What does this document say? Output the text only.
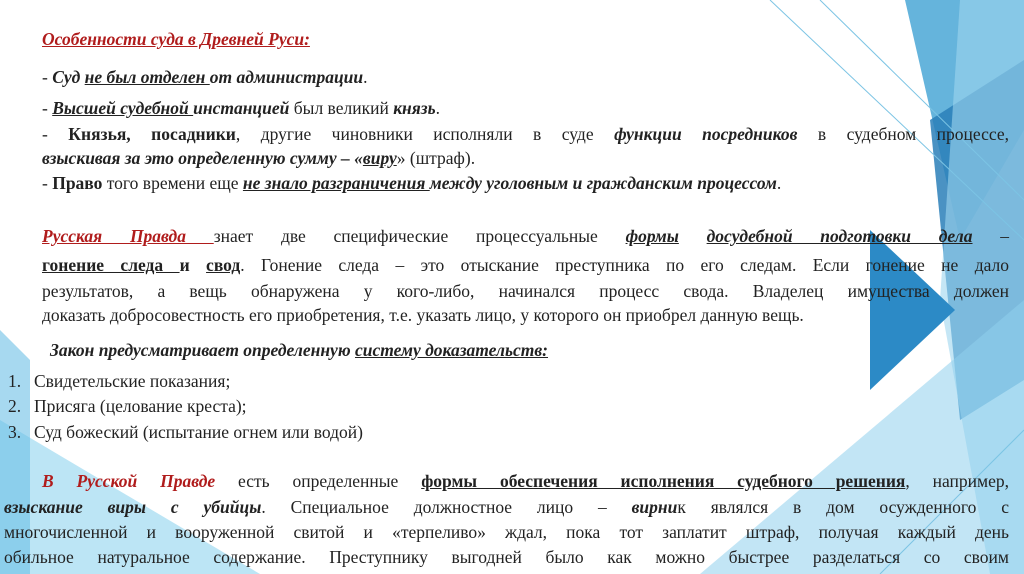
Особенности суда в Древней Руси:
- Суд не был отделен от администрации.
- Высшей судебной инстанцией был великий князь.
- Князья, посадники, другие чиновники исполняли в суде функции посредников в судебном процессе,
взыскивая за это определенную сумму – «виру» (штраф).
- Право того времени еще не знало разграничения между уголовным и гражданским процессом.
Русская Правда знает две специфические процессуальные формы досудебной подготовки дела –
гонение следа и свод. Гонение следа – это отыскание преступника по его следам. Если гонение не дало
результатов, а вещь обнаружена у кого-либо, начинался процесс свода. Владелец имущества должен
доказать добросовестность его приобретения, т.е. указать лицо, у которого он приобрел данную вещь.
Закон предусматривает определенную систему доказательств:
1. Свидетельские показания;
2. Присяга (целование креста);
3. Суд божеский (испытание огнем или водой)
В Русской Правде есть определенные формы обеспечения исполнения судебного решения, например,
взыскание виры с убийцы. Специальное должностное лицо – вирник являлся в дом осужденного с
многочисленной и вооруженной свитой и «терпеливо» ждал, пока тот заплатит штраф, получая каждый день
обильное натуральное содержание. Преступнику выгодней было как можно быстрее разделаться со своим
